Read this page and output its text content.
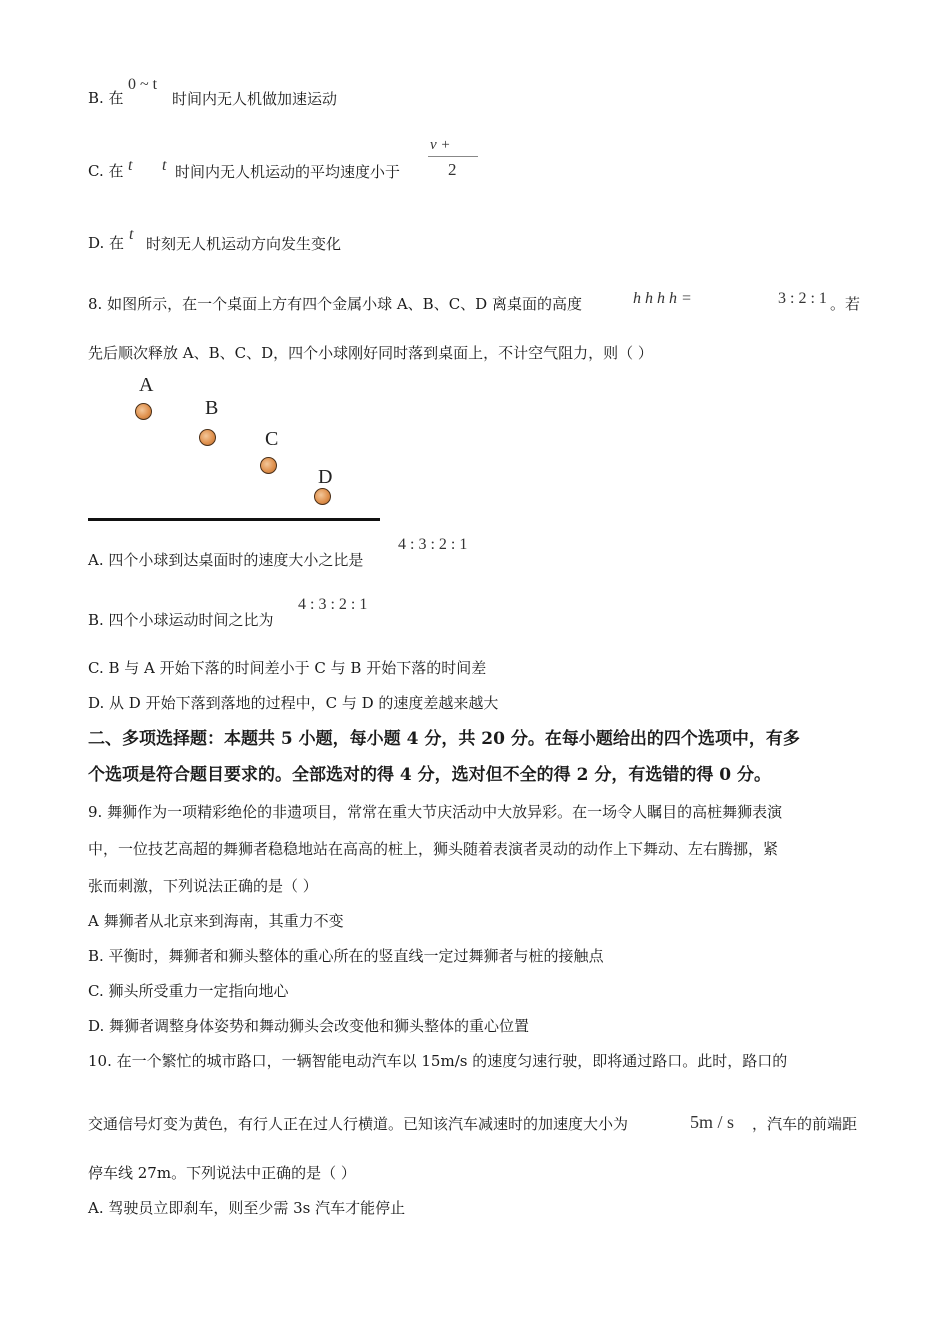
B. 在
0 ~ t
时间内无人机做加速运动
C. 在 t t 时间内无人机运动的平均速度小于
v +
2
D. 在 t
时刻无人机运动方向发生变化
8. 如图所示，在一个桌面上方有四个金属小球 A、B、C、D 离桌面的高度	h h h h =	3 : 2 : 1 。若
先后顺次释放 A、B、C、D，四个小球刚好同时落到桌面上，不计空气阻力，则（ ）
A
B
C
D
A. 四个小球到达桌面时的速度大小之比是
4 : 3 : 2 : 1
B. 四个小球运动时间之比为
4 : 3 : 2 : 1
C. B 与 A 开始下落的时间差小于 C 与 B 开始下落的时间差
D. 从 D 开始下落到落地的过程中，C 与 D 的速度差越来越大
二、多项选择题：本题共 5 小题，每小题 4 分，共 20 分。在每小题给出的四个选项中，有多
个选项是符合题目要求的。全部选对的得 4 分，选对但不全的得 2 分，有选错的得 0 分。
9. 舞狮作为一项精彩绝伦的非遗项目，常常在重大节庆活动中大放异彩。在一场令人瞩目的高桩舞狮表演
中，一位技艺高超的舞狮者稳稳地站在高高的桩上，狮头随着表演者灵动的动作上下舞动、左右腾挪，紧
张而刺激，下列说法正确的是（ ）
A 舞狮者从北京来到海南，其重力不变
B. 平衡时，舞狮者和狮头整体的重心所在的竖直线一定过舞狮者与桩的接触点
C. 狮头所受重力一定指向地心
D. 舞狮者调整身体姿势和舞动狮头会改变他和狮头整体的重心位置
10. 在一个繁忙的城市路口，一辆智能电动汽车以 15m/s 的速度匀速行驶，即将通过路口。此时，路口的
交通信号灯变为黄色，有行人正在过人行横道。已知该汽车减速时的加速度大小为	5m / s ，汽车的前端距
停车线 27m。下列说法中正确的是（ ）
A. 驾驶员立即刹车，则至少需 3s 汽车才能停止
